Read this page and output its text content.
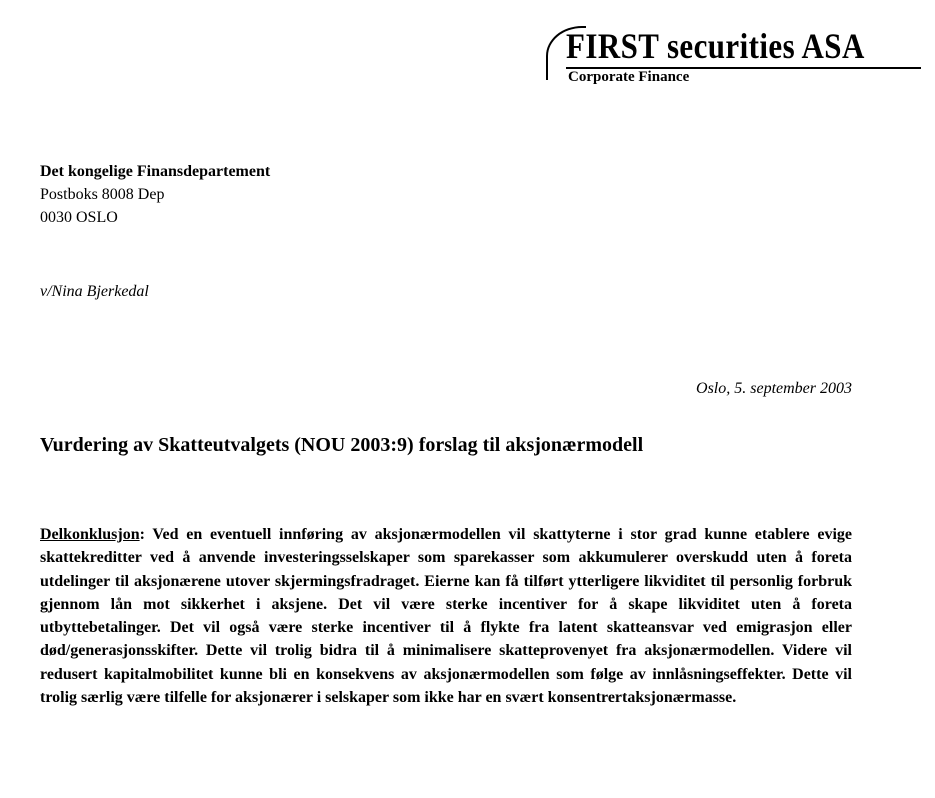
FIRST securities ASA
Corporate Finance
Det kongelige Finansdepartement
Postboks 8008 Dep
0030 OSLO
v/Nina Bjerkedal
Oslo, 5. september 2003
Vurdering av Skatteutvalgets (NOU 2003:9) forslag til aksjonærmodell

Delkonklusjon: Ved en eventuell innføring av aksjonærmodellen vil skattyterne i stor grad kunne etablere evige skattekreditter ved å anvende investeringsselskaper som sparekasser som akkumulerer overskudd uten å foreta utdelinger til aksjonærene utover skjermingsfradraget. Eierne kan få tilført ytterligere likviditet til personlig forbruk gjennom lån mot sikkerhet i aksjene. Det vil være sterke incentiver for å skape likviditet uten å foreta utbyttebetalinger. Det vil også være sterke incentiver til å flykte fra latent skatteansvar ved emigrasjon eller død/generasjonsskifter. Dette vil trolig bidra til å minimalisere skatteprovenyet fra aksjonærmodellen. Videre vil redusert kapitalmobilitet kunne bli en konsekvens av aksjonærmodellen som følge av innlåsningseffekter. Dette vil trolig særlig være tilfelle for aksjonærer i selskaper som ikke har en svært konsentrertaksjonærmasse.
